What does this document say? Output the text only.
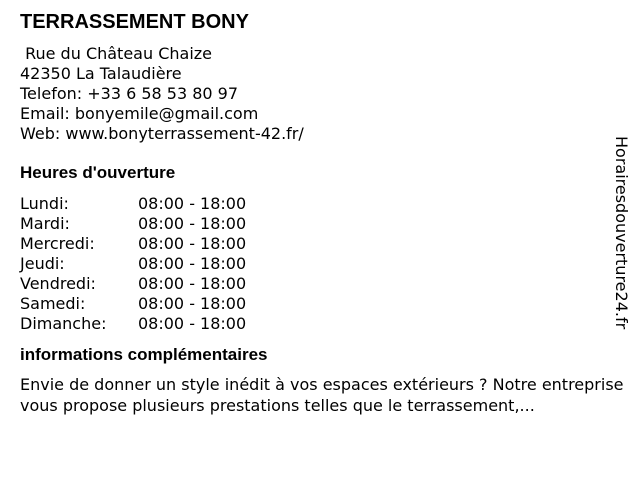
TERRASSEMENT BONY
Rue du Château Chaize
42350 La Talaudière
Telefon: +33 6 58 53 80 97
Email: bonyemile@gmail.com
Web: www.bonyterrassement-42.fr/
Heures d'ouverture
Lundi:	08:00 - 18:00
Mardi:	08:00 - 18:00
Mercredi:	08:00 - 18:00
Jeudi:	08:00 - 18:00
Vendredi:	08:00 - 18:00
Samedi:	08:00 - 18:00
Dimanche:	08:00 - 18:00
informations complémentaires
Envie de donner un style inédit à vos espaces extérieurs ? Notre entreprise vous propose plusieurs prestations telles que le terrassement,...
Horairesdouverture24.fr
